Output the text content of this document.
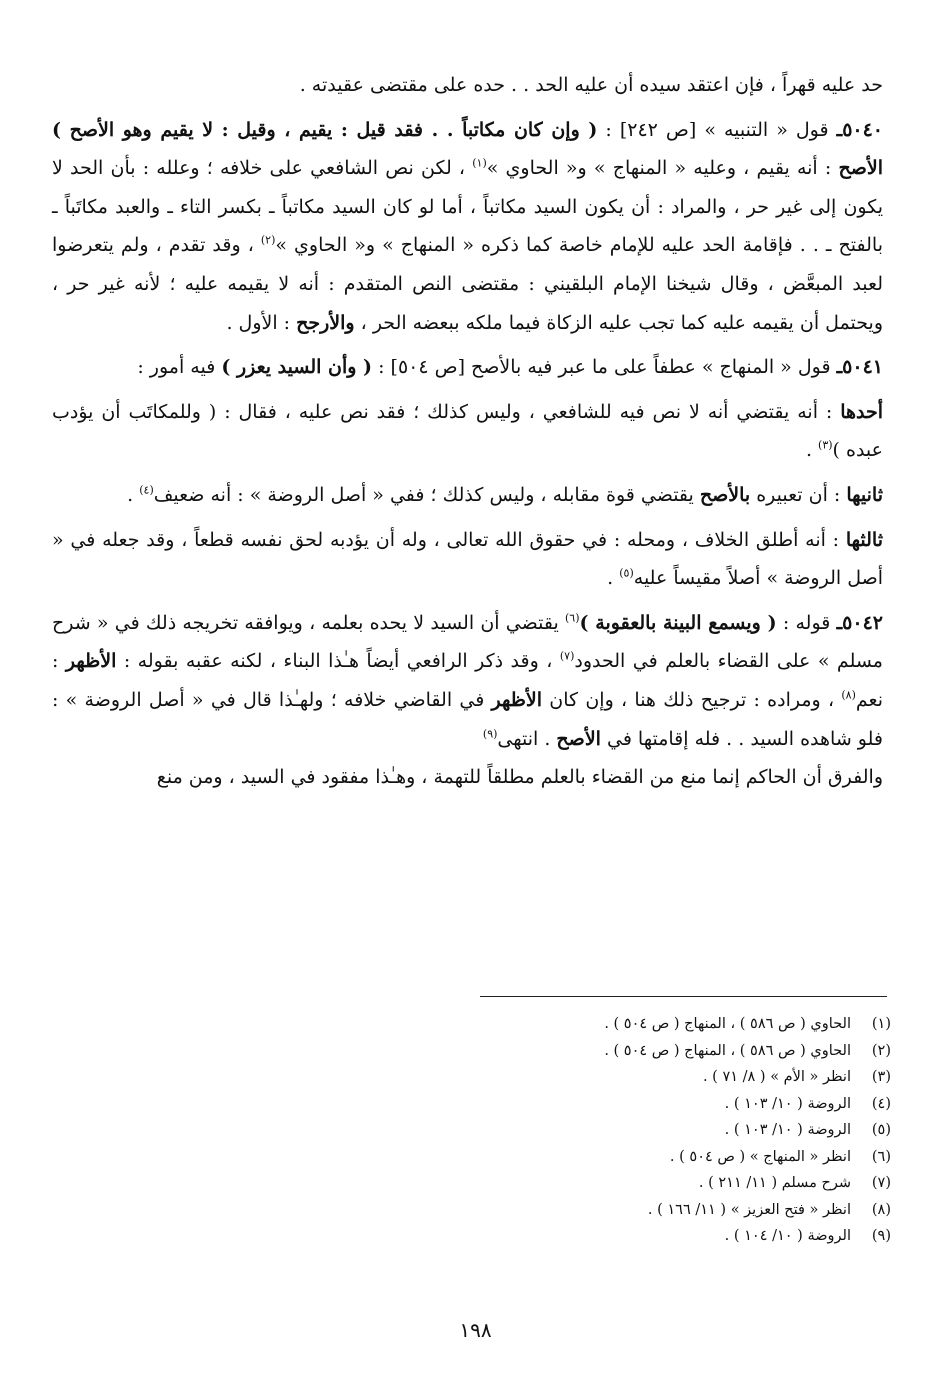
حد عليه قهراً ، فإن اعتقد سيده أن عليه الحد . . حده على مقتضى عقيدته .

٥٠٤٠ـ قول « التنبيه » [ص ٢٤٢] : ( وإن كان مكاتباً . . فقد قيل : يقيم ، وقيل : لا يقيم وهو الأصح ) الأصح : أنه يقيم ، وعليه « المنهاج » و« الحاوي »$^{(١)}$ ، لكن نص الشافعي على خلافه ؛ وعلله : بأن الحد لا يكون إلى غير حر ، والمراد : أن يكون السيد مكاتباً ، أما لو كان السيد مكاتباً ـ بكسر التاء ـ والعبد مكاتَباً ـ بالفتح ـ . . فإقامة الحد عليه للإمام خاصة كما ذكره « المنهاج » و« الحاوي »$^{(٢)}$ ، وقد تقدم ، ولم يتعرضوا لعبد المبعَّض ، وقال شيخنا الإمام البلقيني : مقتضى النص المتقدم : أنه لا يقيمه عليه ؛ لأنه غير حر ، ويحتمل أن يقيمه عليه كما تجب عليه الزكاة فيما ملكه ببعضه الحر ، والأرجح : الأول .

٥٠٤١ـ قول « المنهاج » عطفاً على ما عبر فيه بالأصح [ص ٥٠٤] : ( وأن السيد يعزر ) فيه أمور :

أحدها : أنه يقتضي أنه لا نص فيه للشافعي ، وليس كذلك ؛ فقد نص عليه ، فقال : ( وللمكاتَب أن يؤدب عبده )$^{(٣)}$ .

ثانيها : أن تعبيره بالأصح يقتضي قوة مقابله ، وليس كذلك ؛ ففي « أصل الروضة » : أنه ضعيف$^{(٤)}$ .

ثالثها : أنه أطلق الخلاف ، ومحله : في حقوق الله تعالى ، وله أن يؤدبه لحق نفسه قطعاً ، وقد جعله في « أصل الروضة » أصلاً مقيساً عليه$^{(٥)}$ .

٥٠٤٢ـ قوله : ( ويسمع البينة بالعقوبة )$^{(٦)}$ يقتضي أن السيد لا يحده بعلمه ، ويوافقه تخريجه ذلك في « شرح مسلم » على القضاء بالعلم في الحدود$^{(٧)}$ ، وقد ذكر الرافعي أيضاً هـٰذا البناء ، لكنه عقبه بقوله : الأظهر : نعم$^{(٨)}$ ، ومراده : ترجيح ذلك هنا ، وإن كان الأظهر في القاضي خلافه ؛ ولهـٰذا قال في « أصل الروضة » : فلو شاهده السيد . . فله إقامتها في الأصح . انتهى$^{(٩)}$

والفرق أن الحاكم إنما منع من القضاء بالعلم مطلقاً للتهمة ، وهـٰذا مفقود في السيد ، ومن منع

(١)
الحاوي ( ص ٥٨٦ ) ، المنهاج ( ص ٥٠٤ ) .
(٢)
الحاوي ( ص ٥٨٦ ) ، المنهاج ( ص ٥٠٤ ) .
(٣)
انظر « الأم » ( ٨/ ٧١ ) .
(٤)
الروضة ( ١٠/ ١٠٣ ) .
(٥)
الروضة ( ١٠/ ١٠٣ ) .
(٦)
انظر « المنهاج » ( ص ٥٠٤ ) .
(٧)
شرح مسلم ( ١١/ ٢١١ ) .
(٨)
انظر « فتح العزيز » ( ١١/ ١٦٦ ) .
(٩)
الروضة ( ١٠/ ١٠٤ ) .
١٩٨
